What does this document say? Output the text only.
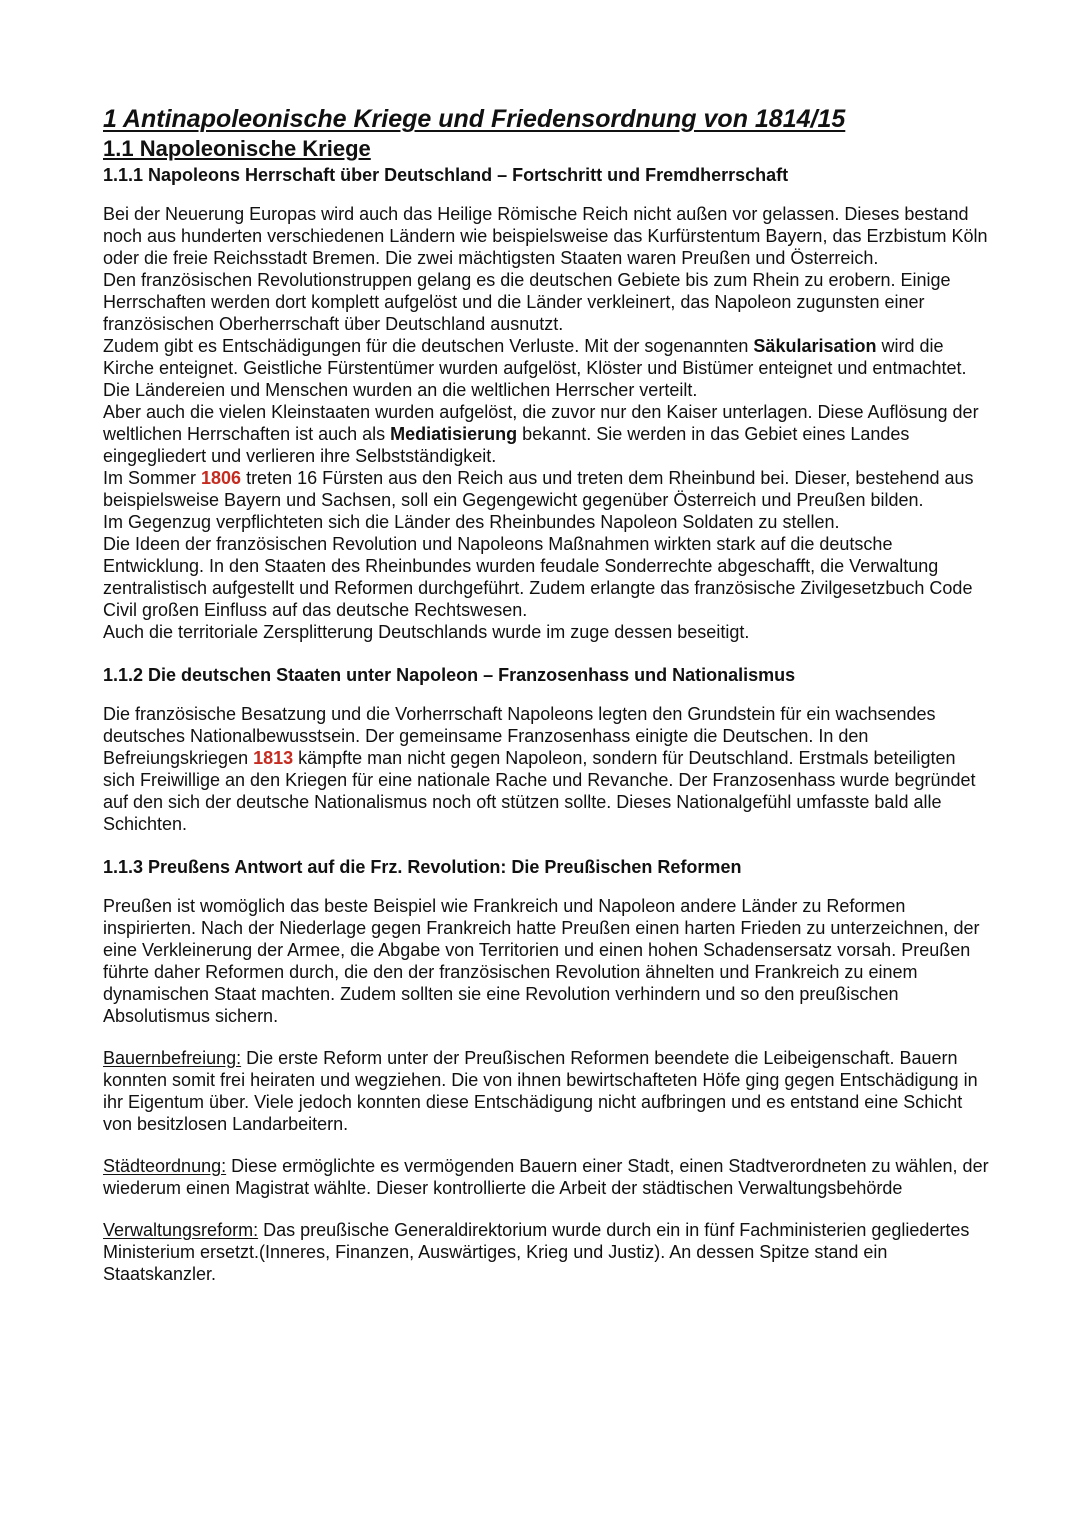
1 Antinapoleonische Kriege und Friedensordnung von 1814/15
1.1 Napoleonische Kriege
1.1.1 Napoleons Herrschaft über Deutschland – Fortschritt und Fremdherrschaft

Bei der Neuerung Europas wird auch das Heilige Römische Reich nicht außen vor gelassen. Dieses bestand noch aus hunderten verschiedenen Ländern wie beispielsweise das Kurfürstentum Bayern, das Erzbistum Köln oder die freie Reichsstadt Bremen. Die zwei mächtigsten Staaten waren Preußen und Österreich.

Den französischen Revolutionstruppen gelang es die deutschen Gebiete bis zum Rhein zu erobern. Einige Herrschaften werden dort komplett aufgelöst und die Länder verkleinert, das Napoleon zugunsten einer französischen Oberherrschaft über Deutschland ausnutzt.

Zudem gibt es Entschädigungen für die deutschen Verluste. Mit der sogenannten Säkularisation wird die Kirche enteignet. Geistliche Fürstentümer wurden aufgelöst, Klöster und Bistümer enteignet und entmachtet. Die Ländereien und Menschen wurden an die weltlichen Herrscher verteilt.

Aber auch die vielen Kleinstaaten wurden aufgelöst, die zuvor nur den Kaiser unterlagen. Diese Auflösung der weltlichen Herrschaften ist auch als Mediatisierung bekannt. Sie werden in das Gebiet eines Landes eingegliedert und verlieren ihre Selbstständigkeit.

Im Sommer 1806 treten 16 Fürsten aus den Reich aus und treten dem Rheinbund bei. Dieser, bestehend aus beispielsweise Bayern und Sachsen, soll ein Gegengewicht gegenüber Österreich und Preußen bilden.

Im Gegenzug verpflichteten sich die Länder des Rheinbundes Napoleon Soldaten zu stellen.

Die Ideen der französischen Revolution und Napoleons Maßnahmen wirkten stark auf die deutsche Entwicklung. In den Staaten des Rheinbundes wurden feudale Sonderrechte abgeschafft, die Verwaltung zentralistisch aufgestellt und Reformen durchgeführt. Zudem erlangte das französische Zivilgesetzbuch Code Civil großen Einfluss auf das deutsche Rechtswesen.

Auch die territoriale Zersplitterung Deutschlands wurde im zuge dessen beseitigt.

1.1.2 Die deutschen Staaten unter Napoleon – Franzosenhass und Nationalismus

Die französische Besatzung und die Vorherrschaft Napoleons legten den Grundstein für ein wachsendes deutsches Nationalbewusstsein. Der gemeinsame Franzosenhass einigte die Deutschen. In den Befreiungskriegen 1813 kämpfte man nicht gegen Napoleon, sondern für Deutschland. Erstmals beteiligten sich Freiwillige an den Kriegen für eine nationale Rache und Revanche. Der Franzosenhass wurde begründet auf den sich der deutsche Nationalismus noch oft stützen sollte. Dieses Nationalgefühl umfasste bald alle Schichten.

1.1.3 Preußens Antwort auf die Frz. Revolution: Die Preußischen Reformen

Preußen ist womöglich das beste Beispiel wie Frankreich und Napoleon andere Länder zu Reformen inspirierten. Nach der Niederlage gegen Frankreich hatte Preußen einen harten Frieden zu unterzeichnen, der eine Verkleinerung der Armee, die Abgabe von Territorien und einen hohen Schadensersatz vorsah. Preußen führte daher Reformen durch, die den der französischen Revolution ähnelten und Frankreich zu einem dynamischen Staat machten. Zudem sollten sie eine Revolution verhindern und so den preußischen Absolutismus sichern.

Bauernbefreiung: Die erste Reform unter der Preußischen Reformen beendete die Leibeigenschaft. Bauern konnten somit frei heiraten und wegziehen. Die von ihnen bewirtschafteten Höfe ging gegen Entschädigung in ihr Eigentum über. Viele jedoch konnten diese Entschädigung nicht aufbringen und es entstand eine Schicht von besitzlosen Landarbeitern.

Städteordnung: Diese ermöglichte es vermögenden Bauern einer Stadt, einen Stadtverordneten zu wählen, der wiederum einen Magistrat wählte. Dieser kontrollierte die Arbeit der städtischen Verwaltungsbehörde

Verwaltungsreform: Das preußische Generaldirektorium wurde durch ein in fünf Fachministerien gegliedertes Ministerium ersetzt.(Inneres, Finanzen, Auswärtiges, Krieg und Justiz). An dessen Spitze stand ein Staatskanzler.
